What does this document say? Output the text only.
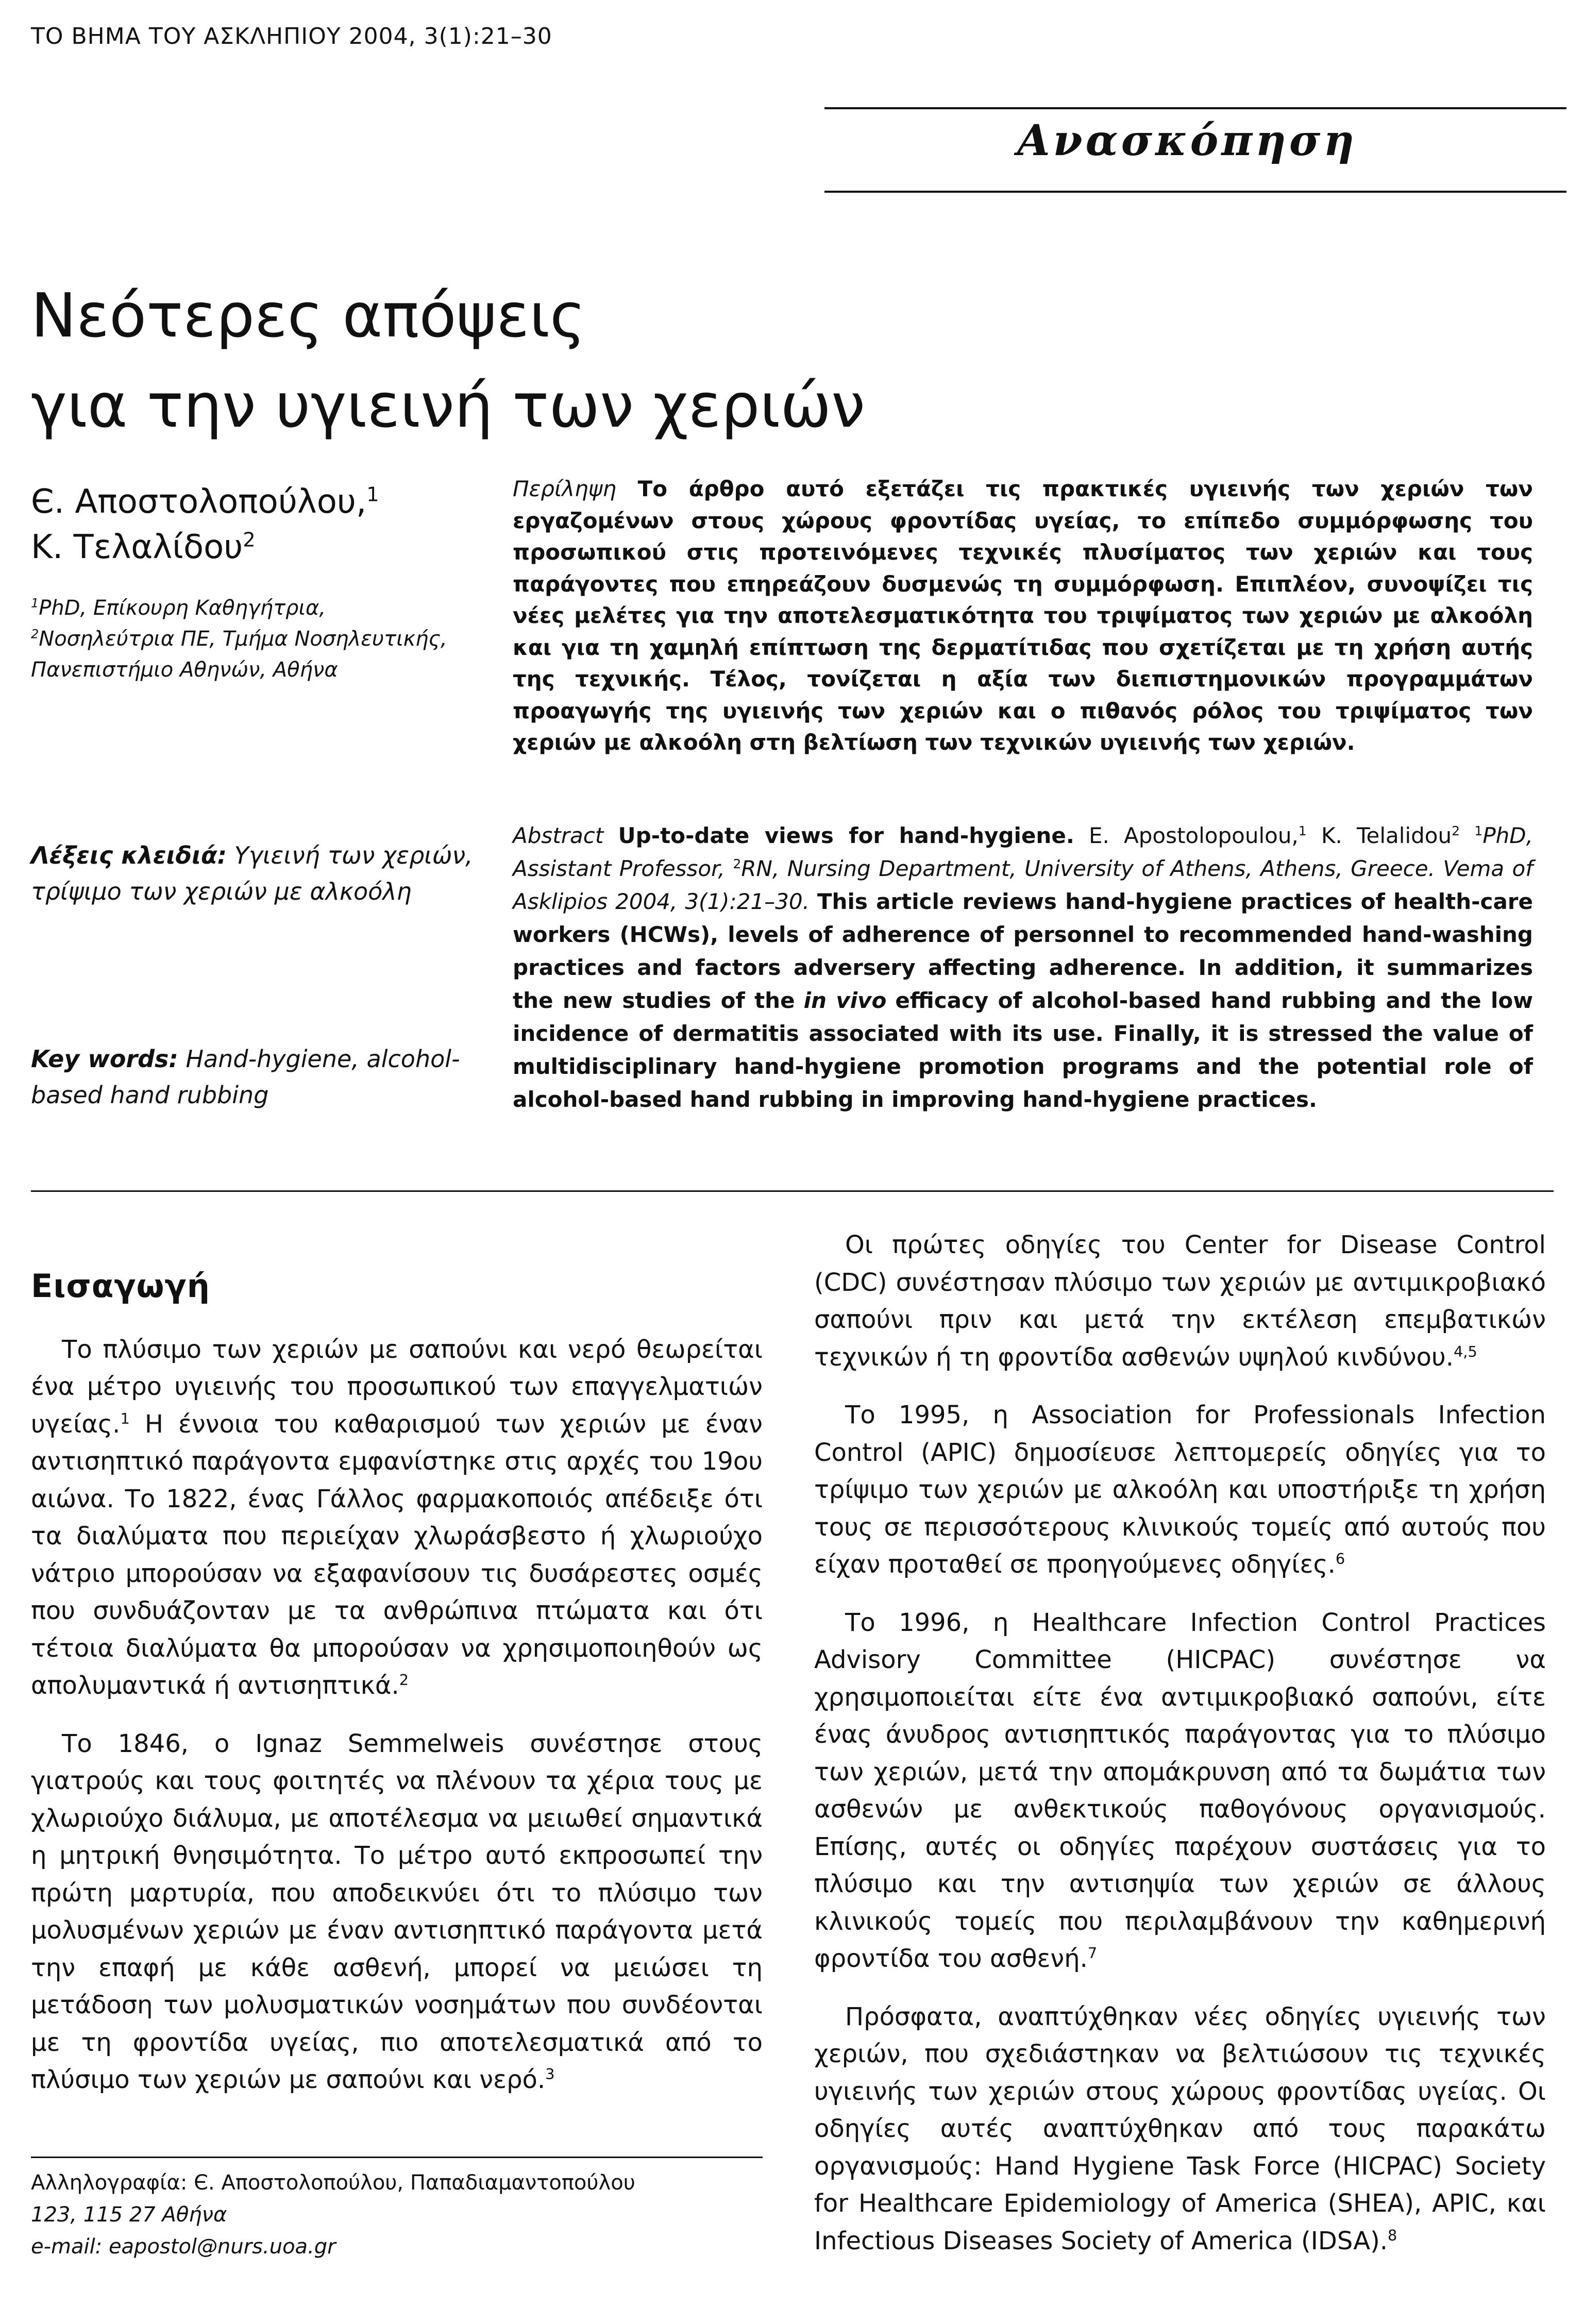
ΤΟ ΒΗΜΑ ΤΟΥ ΑΣΚΛΗΠΙΟΥ 2004, 3(1):21–30
Ανασκόπηση
Νεότερες απόψεις
για την υγιεινή των χεριών
Є. Αποστολοπούλου,$^1$
Κ. Τελαλίδου$^2$
$^1$PhD, Επίκουρη Καθηγήτρια,
$^2$Νοσηλεύτρια ΠΕ, Τμήμα Νοσηλευτικής,
Πανεπιστήμιο Αθηνών, Αθήνα
Περίληψη Το άρθρο αυτό εξετάζει τις πρακτικές υγιεινής των χεριών των εργαζομένων στους χώρους φροντίδας υγείας, το επίπεδο συμμόρφωσης του προσωπικού στις προτεινόμενες τεχνικές πλυσίματος των χεριών και τους παράγοντες που επηρεάζουν δυσμενώς τη συμμόρφωση. Επιπλέον, συνοψίζει τις νέες μελέτες για την αποτελεσματικότητα του τριψίματος των χεριών με αλκοόλη και για τη χαμηλή επίπτωση της δερματίτιδας που σχετίζεται με τη χρήση αυτής της τεχνικής. Τέλος, τονίζεται η αξία των διεπιστημονικών προγραμμάτων προαγωγής της υγιεινής των χεριών και ο πιθανός ρόλος του τριψίματος των χεριών με αλκοόλη στη βελτίωση των τεχνικών υγιεινής των χεριών.
Λέξεις κλειδιά: Υγιεινή των χεριών, τρίψιμο των χεριών με αλκοόλη
Key words: Hand-hygiene, alcohol-based hand rubbing
Abstract Up-to-date views for hand-hygiene. E. Apostolopoulou,$^1$ K. Telalidou$^2$ $^1$PhD, Assistant Professor, $^2$RN, Nursing Department, University of Athens, Athens, Greece. Vema of Asklipios 2004, 3(1):21–30. This article reviews hand-hygiene practices of health-care workers (HCWs), levels of adherence of personnel to recommended hand-washing practices and factors adversery affecting adherence. In addition, it summarizes the new studies of the in vivo efficacy of alcohol-based hand rubbing and the low incidence of dermatitis associated with its use. Finally, it is stressed the value of multidisciplinary hand-hygiene promotion programs and the potential role of alcohol-based hand rubbing in improving hand-hygiene practices.
Εισαγωγή

Το πλύσιμο των χεριών με σαπούνι και νερό θεωρείται ένα μέτρο υγιεινής του προσωπικού των επαγγελματιών υγείας.$^1$ Η έννοια του καθαρισμού των χεριών με έναν αντισηπτικό παράγοντα εμφανίστηκε στις αρχές του 19ου αιώνα. Το 1822, ένας Γάλλος φαρμακοποιός απέδειξε ότι τα διαλύματα που περιείχαν χλωράσβεστο ή χλωριούχο νάτριο μπορούσαν να εξαφανίσουν τις δυσάρεστες οσμές που συνδυάζονταν με τα ανθρώπινα πτώματα και ότι τέτοια διαλύματα θα μπορούσαν να χρησιμοποιηθούν ως απολυμαντικά ή αντισηπτικά.$^2$

Το 1846, ο Ignaz Semmelweis συνέστησε στους γιατρούς και τους φοιτητές να πλένουν τα χέρια τους με χλωριούχο διάλυμα, με αποτέλεσμα να μειωθεί σημαντικά η μητρική θνησιμότητα. Το μέτρο αυτό εκπροσωπεί την πρώτη μαρτυρία, που αποδεικνύει ότι το πλύσιμο των μολυσμένων χεριών με έναν αντισηπτικό παράγοντα μετά την επαφή με κάθε ασθενή, μπορεί να μειώσει τη μετάδοση των μολυσματικών νοσημάτων που συνδέονται με τη φροντίδα υγείας, πιο αποτελεσματικά από το πλύσιμο των χεριών με σαπούνι και νερό.$^3$

Αλληλογραφία: Є. Αποστολοπούλου, Παπαδιαμαντοπούλου
123, 115 27 Αθήνα
e-mail: eapostol@nurs.uoa.gr

Οι πρώτες οδηγίες του Center for Disease Control (CDC) συνέστησαν πλύσιμο των χεριών με αντιμικροβιακό σαπούνι πριν και μετά την εκτέλεση επεμβατικών τεχνικών ή τη φροντίδα ασθενών υψηλού κινδύνου.$^{4,5}$

Το 1995, η Association for Professionals Infection Control (APIC) δημοσίευσε λεπτομερείς οδηγίες για το τρίψιμο των χεριών με αλκοόλη και υποστήριξε τη χρήση τους σε περισσότερους κλινικούς τομείς από αυτούς που είχαν προταθεί σε προηγούμενες οδηγίες.$^6$

Το 1996, η Healthcare Infection Control Practices Advisory Committee (HICPAC) συνέστησε να χρησιμοποιείται είτε ένα αντιμικροβιακό σαπούνι, είτε ένας άνυδρος αντισηπτικός παράγοντας για το πλύσιμο των χεριών, μετά την απομάκρυνση από τα δωμάτια των ασθενών με ανθεκτικούς παθογόνους οργανισμούς. Επίσης, αυτές οι οδηγίες παρέχουν συστάσεις για το πλύσιμο και την αντισηψία των χεριών σε άλλους κλινικούς τομείς που περιλαμβάνουν την καθημερινή φροντίδα του ασθενή.$^7$

Πρόσφατα, αναπτύχθηκαν νέες οδηγίες υγιεινής των χεριών, που σχεδιάστηκαν να βελτιώσουν τις τεχνικές υγιεινής των χεριών στους χώρους φροντίδας υγείας. Οι οδηγίες αυτές αναπτύχθηκαν από τους παρακάτω οργανισμούς: Hand Hygiene Task Force (HICPAC) Society for Healthcare Epidemiology of America (SHEA), APIC, και Infectious Diseases Society of America (IDSA).$^8$
